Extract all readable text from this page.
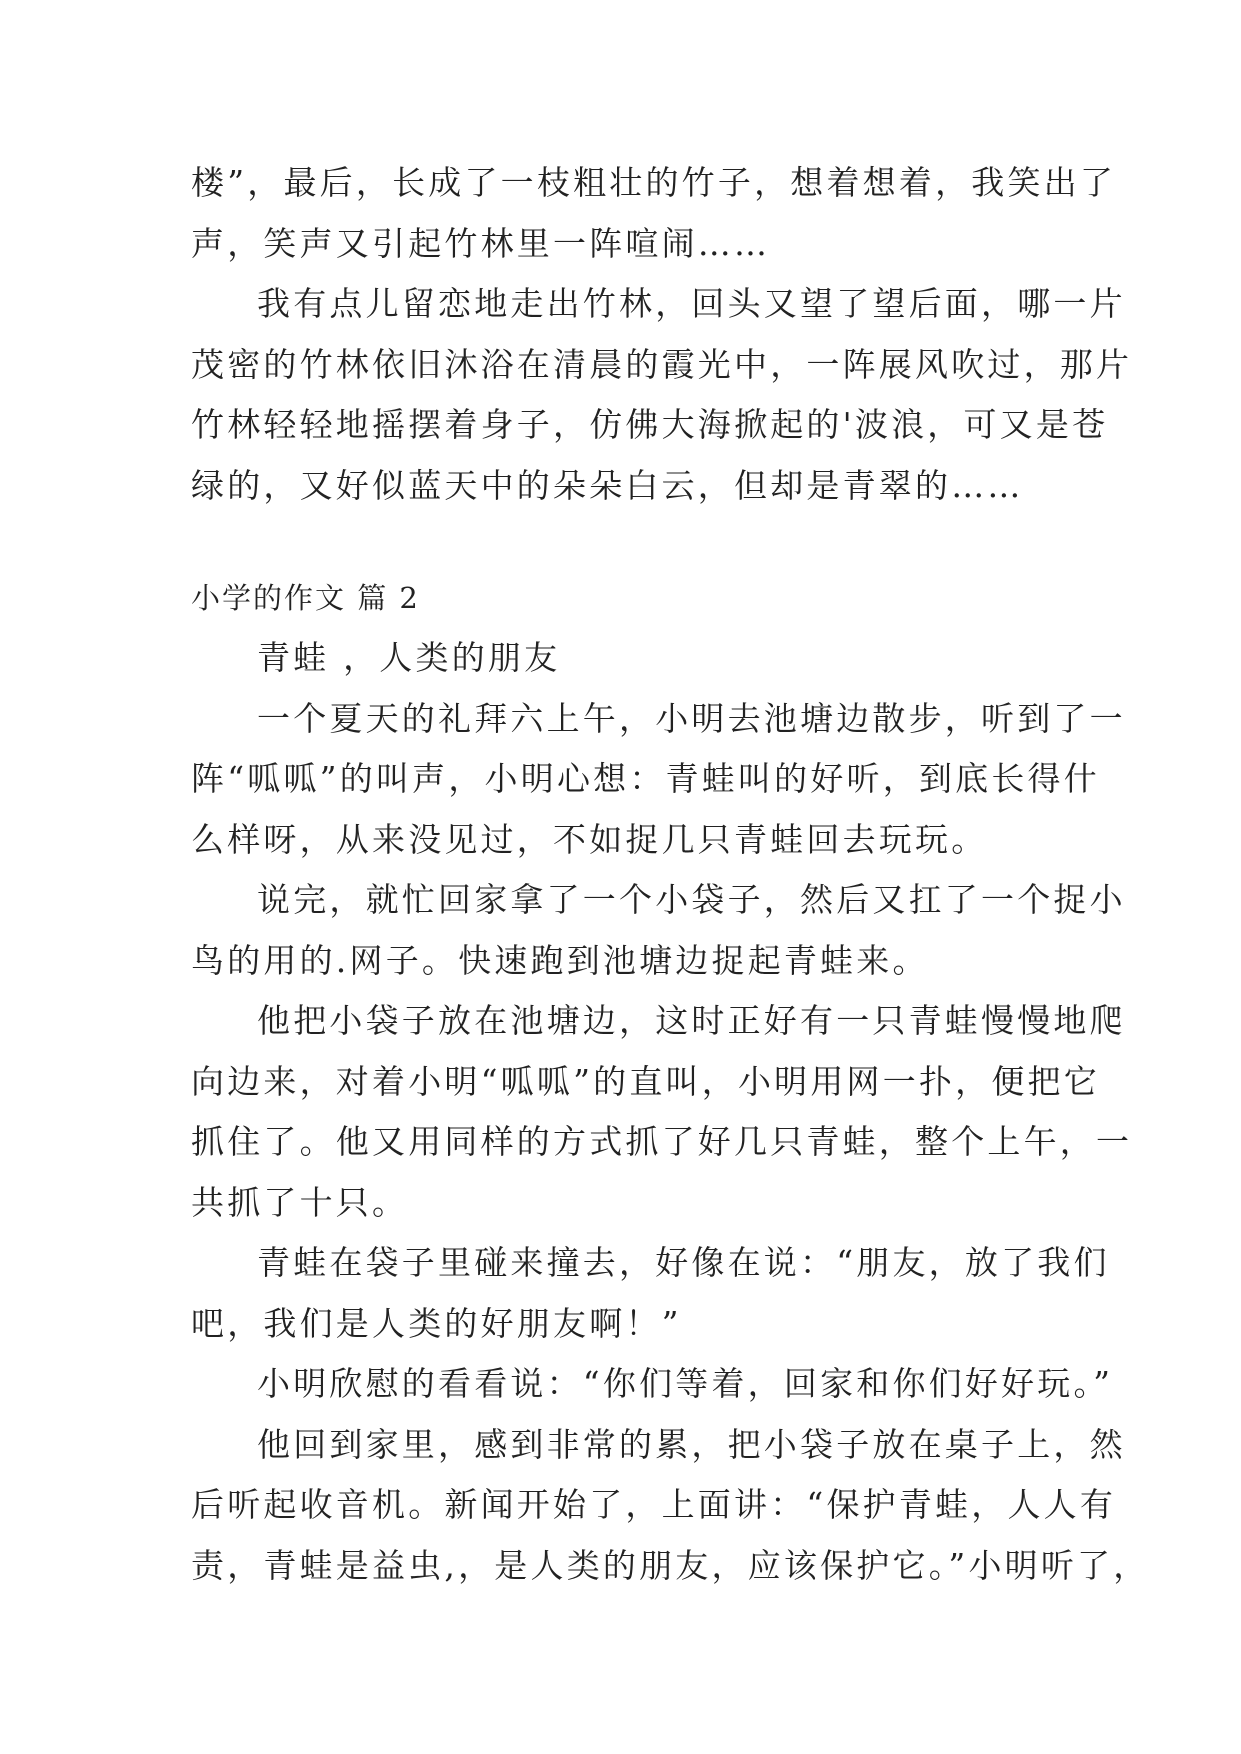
楼”，最后，长成了一枝粗壮的竹子，想着想着，我笑出了
声，笑声又引起竹林里一阵喧闹……
我有点儿留恋地走出竹林，回头又望了望后面，哪一片
茂密的竹林依旧沐浴在清晨的霞光中，一阵展风吹过，那片
竹林轻轻地摇摆着身子，仿佛大海掀起的'波浪，可又是苍
绿的，又好似蓝天中的朵朵白云，但却是青翠的……
小学的作文 篇 2
青蛙 ，人类的朋友
一个夏天的礼拜六上午，小明去池塘边散步，听到了一
阵“呱呱”的叫声，小明心想：青蛙叫的好听，到底长得什
么样呀，从来没见过，不如捉几只青蛙回去玩玩。
说完，就忙回家拿了一个小袋子，然后又扛了一个捉小
鸟的用的.网子。快速跑到池塘边捉起青蛙来。
他把小袋子放在池塘边，这时正好有一只青蛙慢慢地爬
向边来，对着小明“呱呱”的直叫，小明用网一扑，便把它
抓住了。他又用同样的方式抓了好几只青蛙，整个上午，一
共抓了十只。
青蛙在袋子里碰来撞去，好像在说：“朋友，放了我们
吧，我们是人类的好朋友啊！”
小明欣慰的看看说：“你们等着，回家和你们好好玩。”
他回到家里，感到非常的累，把小袋子放在桌子上，然
后听起收音机。新闻开始了，上面讲：“保护青蛙，人人有
责，青蛙是益虫,，是人类的朋友，应该保护它。”小明听了，
